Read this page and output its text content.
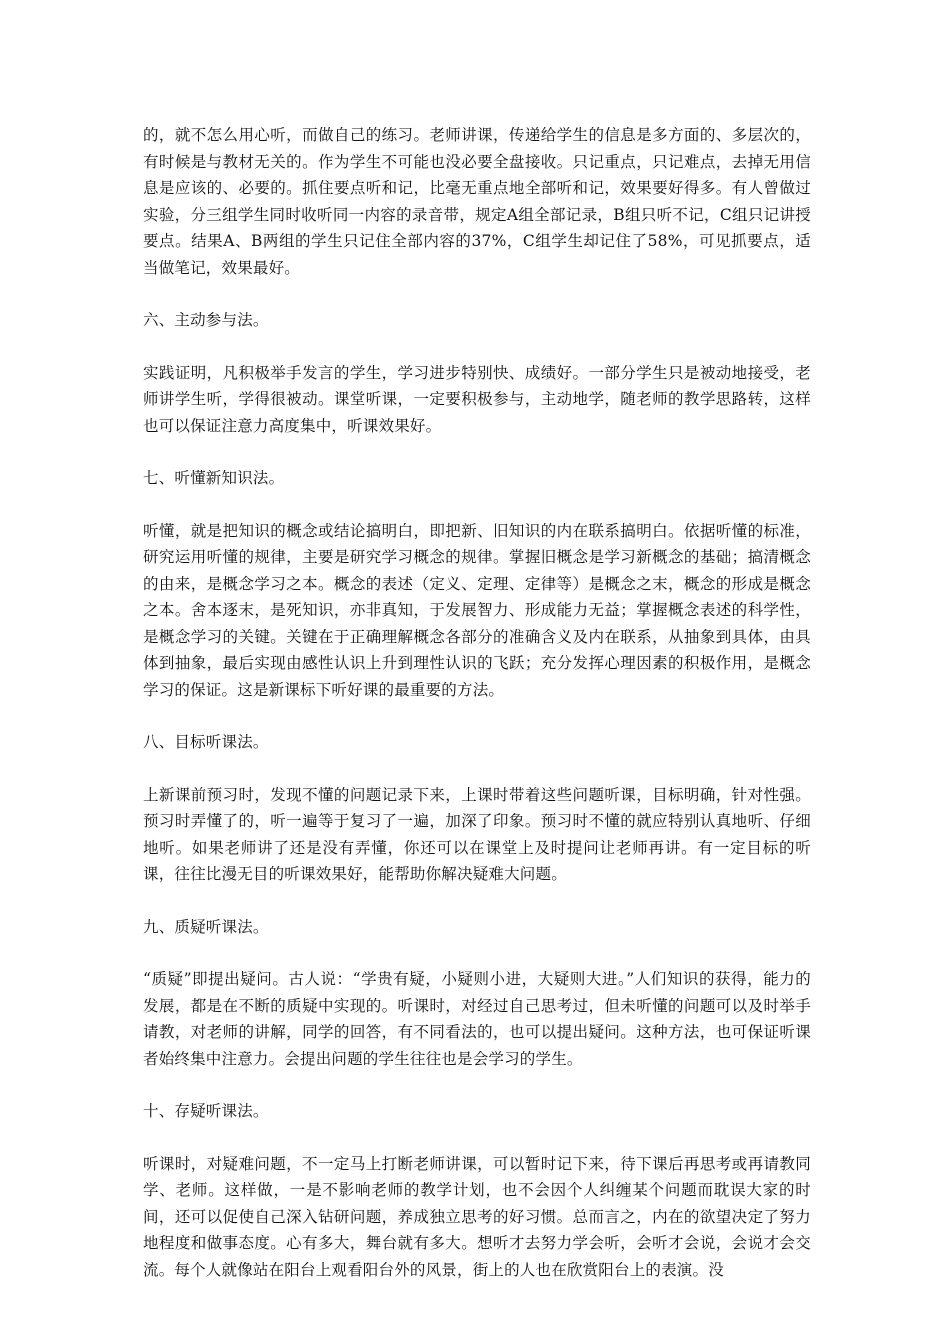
的，就不怎么用心听，而做自己的练习。老师讲课，传递给学生的信息是多方面的、多层次的，有时候是与教材无关的。作为学生不可能也没必要全盘接收。只记重点，只记难点，去掉无用信息是应该的、必要的。抓住要点听和记，比毫无重点地全部听和记，效果要好得多。有人曾做过实验，分三组学生同时收听同一内容的录音带，规定A组全部记录，B组只听不记，C组只记讲授要点。结果A、B两组的学生只记住全部内容的37%，C组学生却记住了58%，可见抓要点，适当做笔记，效果最好。

六、主动参与法。

实践证明，凡积极举手发言的学生，学习进步特别快、成绩好。一部分学生只是被动地接受，老师讲学生听，学得很被动。课堂听课，一定要积极参与，主动地学，随老师的教学思路转，这样也可以保证注意力高度集中，听课效果好。

七、听懂新知识法。

听懂，就是把知识的概念或结论搞明白，即把新、旧知识的内在联系搞明白。依据听懂的标准，研究运用听懂的规律，主要是研究学习概念的规律。掌握旧概念是学习新概念的基础；搞清概念的由来，是概念学习之本。概念的表述（定义、定理、定律等）是概念之末，概念的形成是概念之本。舍本逐末，是死知识，亦非真知，于发展智力、形成能力无益；掌握概念表述的科学性，是概念学习的关键。关键在于正确理解概念各部分的准确含义及内在联系，从抽象到具体，由具体到抽象，最后实现由感性认识上升到理性认识的飞跃；充分发挥心理因素的积极作用，是概念学习的保证。这是新课标下听好课的最重要的方法。

八、目标听课法。

上新课前预习时，发现不懂的问题记录下来，上课时带着这些问题听课，目标明确，针对性强。预习时弄懂了的，听一遍等于复习了一遍，加深了印象。预习时不懂的就应特别认真地听、仔细地听。如果老师讲了还是没有弄懂，你还可以在课堂上及时提问让老师再讲。有一定目标的听课，往往比漫无目的听课效果好，能帮助你解决疑难大问题。

九、质疑听课法。

“质疑”即提出疑问。古人说：“学贵有疑，小疑则小进，大疑则大进。”人们知识的获得，能力的发展，都是在不断的质疑中实现的。听课时，对经过自己思考过，但未听懂的问题可以及时举手请教，对老师的讲解，同学的回答，有不同看法的，也可以提出疑问。这种方法，也可保证听课者始终集中注意力。会提出问题的学生往往也是会学习的学生。

十、存疑听课法。

听课时，对疑难问题，不一定马上打断老师讲课，可以暂时记下来，待下课后再思考或再请教同学、老师。这样做，一是不影响老师的教学计划，也不会因个人纠缠某个问题而耽误大家的时间，还可以促使自己深入钻研问题，养成独立思考的好习惯。总而言之，内在的欲望决定了努力地程度和做事态度。心有多大，舞台就有多大。想听才去努力学会听，会听才会说，会说才会交流。每个人就像站在阳台上观看阳台外的风景，街上的人也在欣赏阳台上的表演。没
